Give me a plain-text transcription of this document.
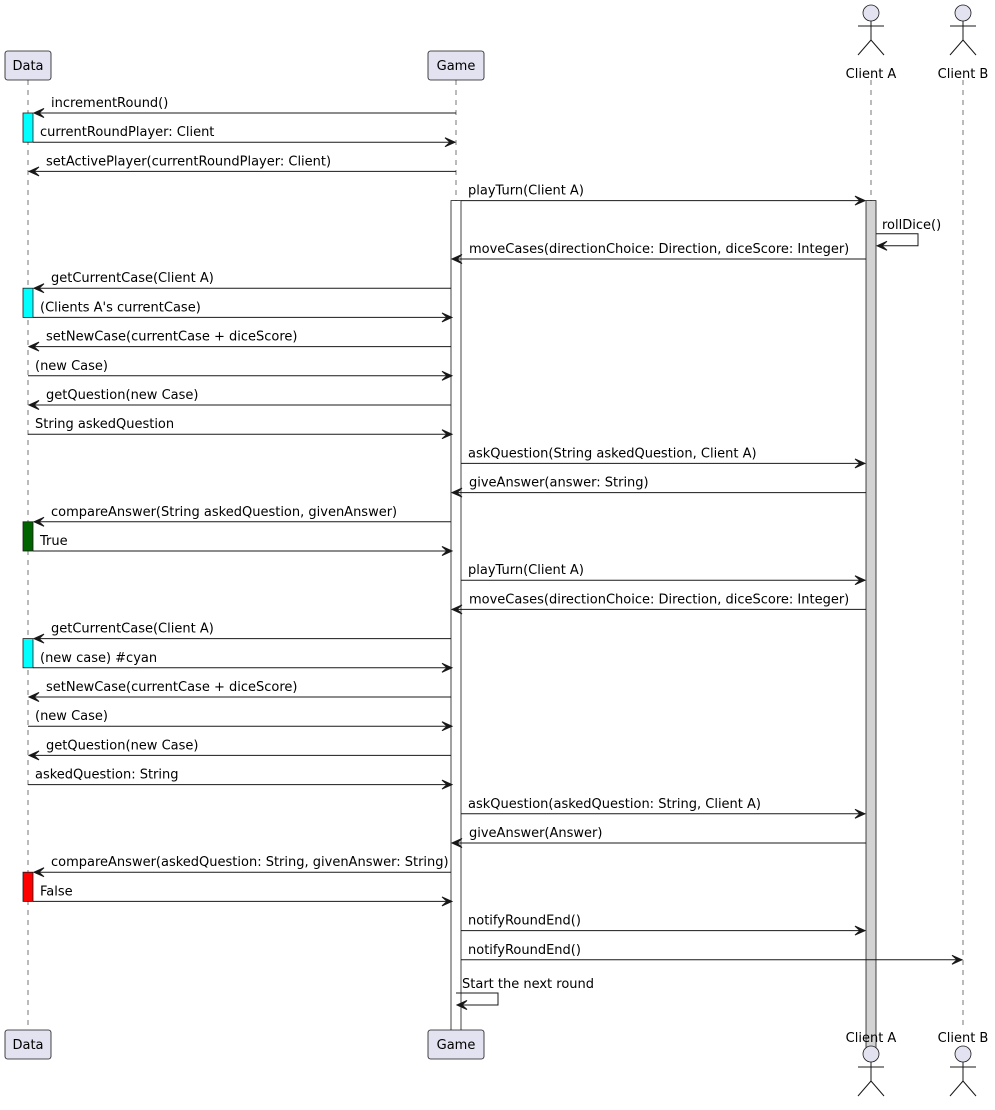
incrementRound()
currentRoundPlayer: Client
setActivePlayer(currentRoundPlayer: Client)
playTurn(Client A)
rollDice()
moveCases(directionChoice: Direction, diceScore: Integer)
getCurrentCase(Client A)
(Clients A's currentCase)
setNewCase(currentCase + diceScore)
(new Case)
getQuestion(new Case)
String askedQuestion
askQuestion(String askedQuestion, Client A)
giveAnswer(answer: String)
compareAnswer(String askedQuestion, givenAnswer)
True
playTurn(Client A)
moveCases(directionChoice: Direction, diceScore: Integer)
getCurrentCase(Client A)
(new case) #cyan
setNewCase(currentCase + diceScore)
(new Case)
getQuestion(new Case)
askedQuestion: String
askQuestion(askedQuestion: String, Client A)
giveAnswer(Answer)
compareAnswer(askedQuestion: String, givenAnswer: String)
False
notifyRoundEnd()
notifyRoundEnd()
Start the next round
Data
Data
Game
Game
Client A
Client A
Client B
Client B
